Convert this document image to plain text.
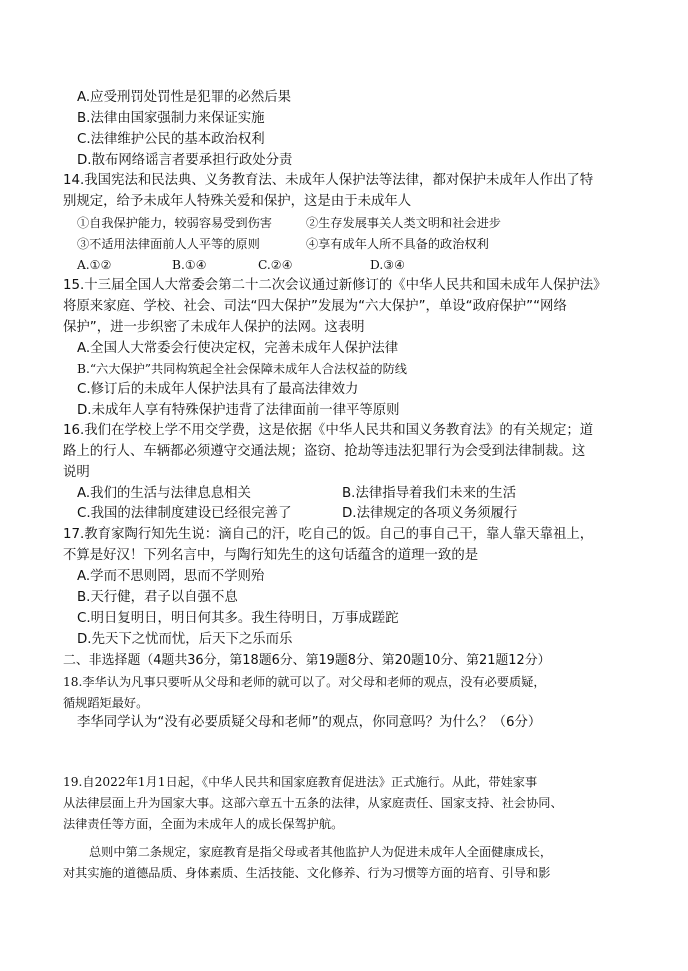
A.应受刑罚处罚性是犯罪的必然后果
B.法律由国家强制力来保证实施
C.法律维护公民的基本政治权利
D.散布网络谣言者要承担行政处分责
14.我国宪法和民法典、义务教育法、未成年人保护法等法律，都对保护未成年人作出了特
别规定，给予未成年人特殊关爱和保护，这是由于未成年人
①自我保护能力，较弱容易受到伤害	②生存发展事关人类文明和社会进步
③不适用法律面前人人平等的原则	④享有成年人所不具备的政治权利
A.①②	B.①④	C.②④	D.③④
15.十三届全国人大常委会第二十二次会议通过新修订的《中华人民共和国未成年人保护法》
将原来家庭、学校、社会、司法“四大保护”发展为“六大保护”，单设“政府保护”“网络
保护”，进一步织密了未成年人保护的法网。这表明
A.全国人大常委会行使决定权，完善未成年人保护法律
B.“六大保护”共同构筑起全社会保障未成年人合法权益的防线
C.修订后的未成年人保护法具有了最高法律效力
D.未成年人享有特殊保护违背了法律面前一律平等原则
16.我们在学校上学不用交学费，这是依据《中华人民共和国义务教育法》的有关规定；道
路上的行人、车辆都必须遵守交通法规；盗窃、抢劫等违法犯罪行为会受到法律制裁。这
说明
A.我们的生活与法律息息相关	B.法律指导着我们未来的生活
C.我国的法律制度建设已经很完善了	D.法律规定的各项义务须履行
17.教育家陶行知先生说：滴自己的汗，吃自己的饭。自己的事自己干，靠人靠天靠祖上，
不算是好汉！下列名言中，与陶行知先生的这句话蕴含的道理一致的是
A.学而不思则罔，思而不学则殆
B.天行健，君子以自强不息
C.明日复明日，明日何其多。我生待明日，万事成蹉跎
D.先天下之忧而忧，后天下之乐而乐
二、非选择题（4题共36分，第18题6分、第19题8分、第20题10分、第21题12分）
18.李华认为凡事只要听从父母和老师的就可以了。对父母和老师的观点，没有必要质疑，
循规蹈矩最好。
李华同学认为“没有必要质疑父母和老师”的观点，你同意吗？为什么？（6分）
19.自2022年1月1日起，《中华人民共和国家庭教育促进法》正式施行。从此，带娃家事
从法律层面上升为国家大事。这部六章五十五条的法律，从家庭责任、国家支持、社会协同、
法律责任等方面，全面为未成年人的成长保驾护航。
总则中第二条规定，家庭教育是指父母或者其他监护人为促进未成年人全面健康成长，
对其实施的道德品质、身体素质、生活技能、文化修养、行为习惯等方面的培育、引导和影
